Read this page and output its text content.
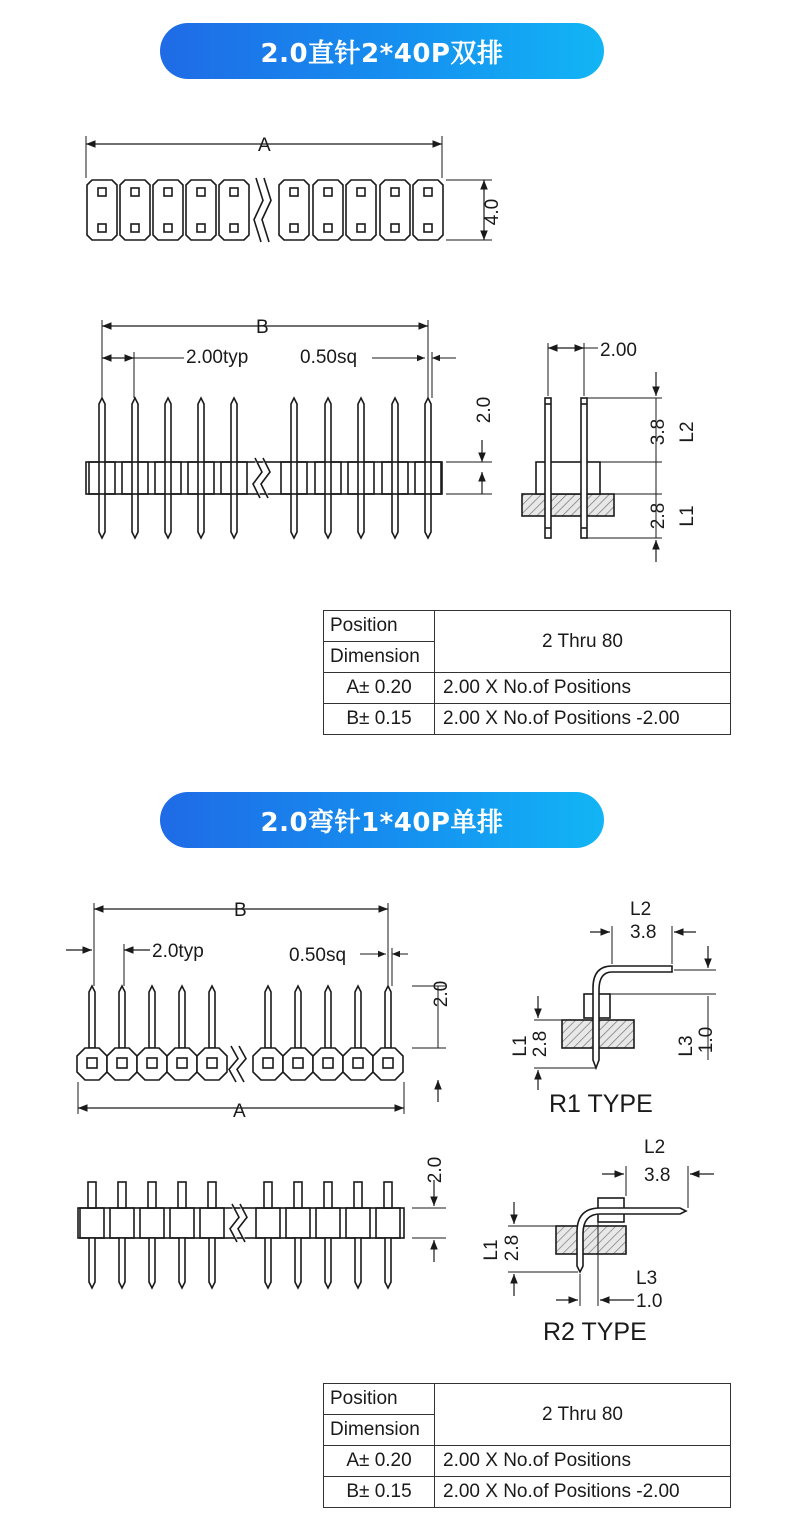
2.0直针2*40P双排
2.0弯针1*40P单排
A
4.0
B
2.00typ	0.50sq
2.0
2.00
3.8 L2
2.8 L1
B
2.0typ	0.50sq
2.0
A
2.0
L2
3.8
L3 1.0
L1 2.8
R1 TYPE
L2
3.8
L1 2.8
L3
1.0
R2 TYPE
Position	2 Thru 80
Dimension	
A± 0.20	2.00 X No.of Positions
B± 0.15	2.00 X No.of Positions -2.00
Position	2 Thru 80
Dimension	
A± 0.20	2.00 X No.of Positions
B± 0.15	2.00 X No.of Positions -2.00
